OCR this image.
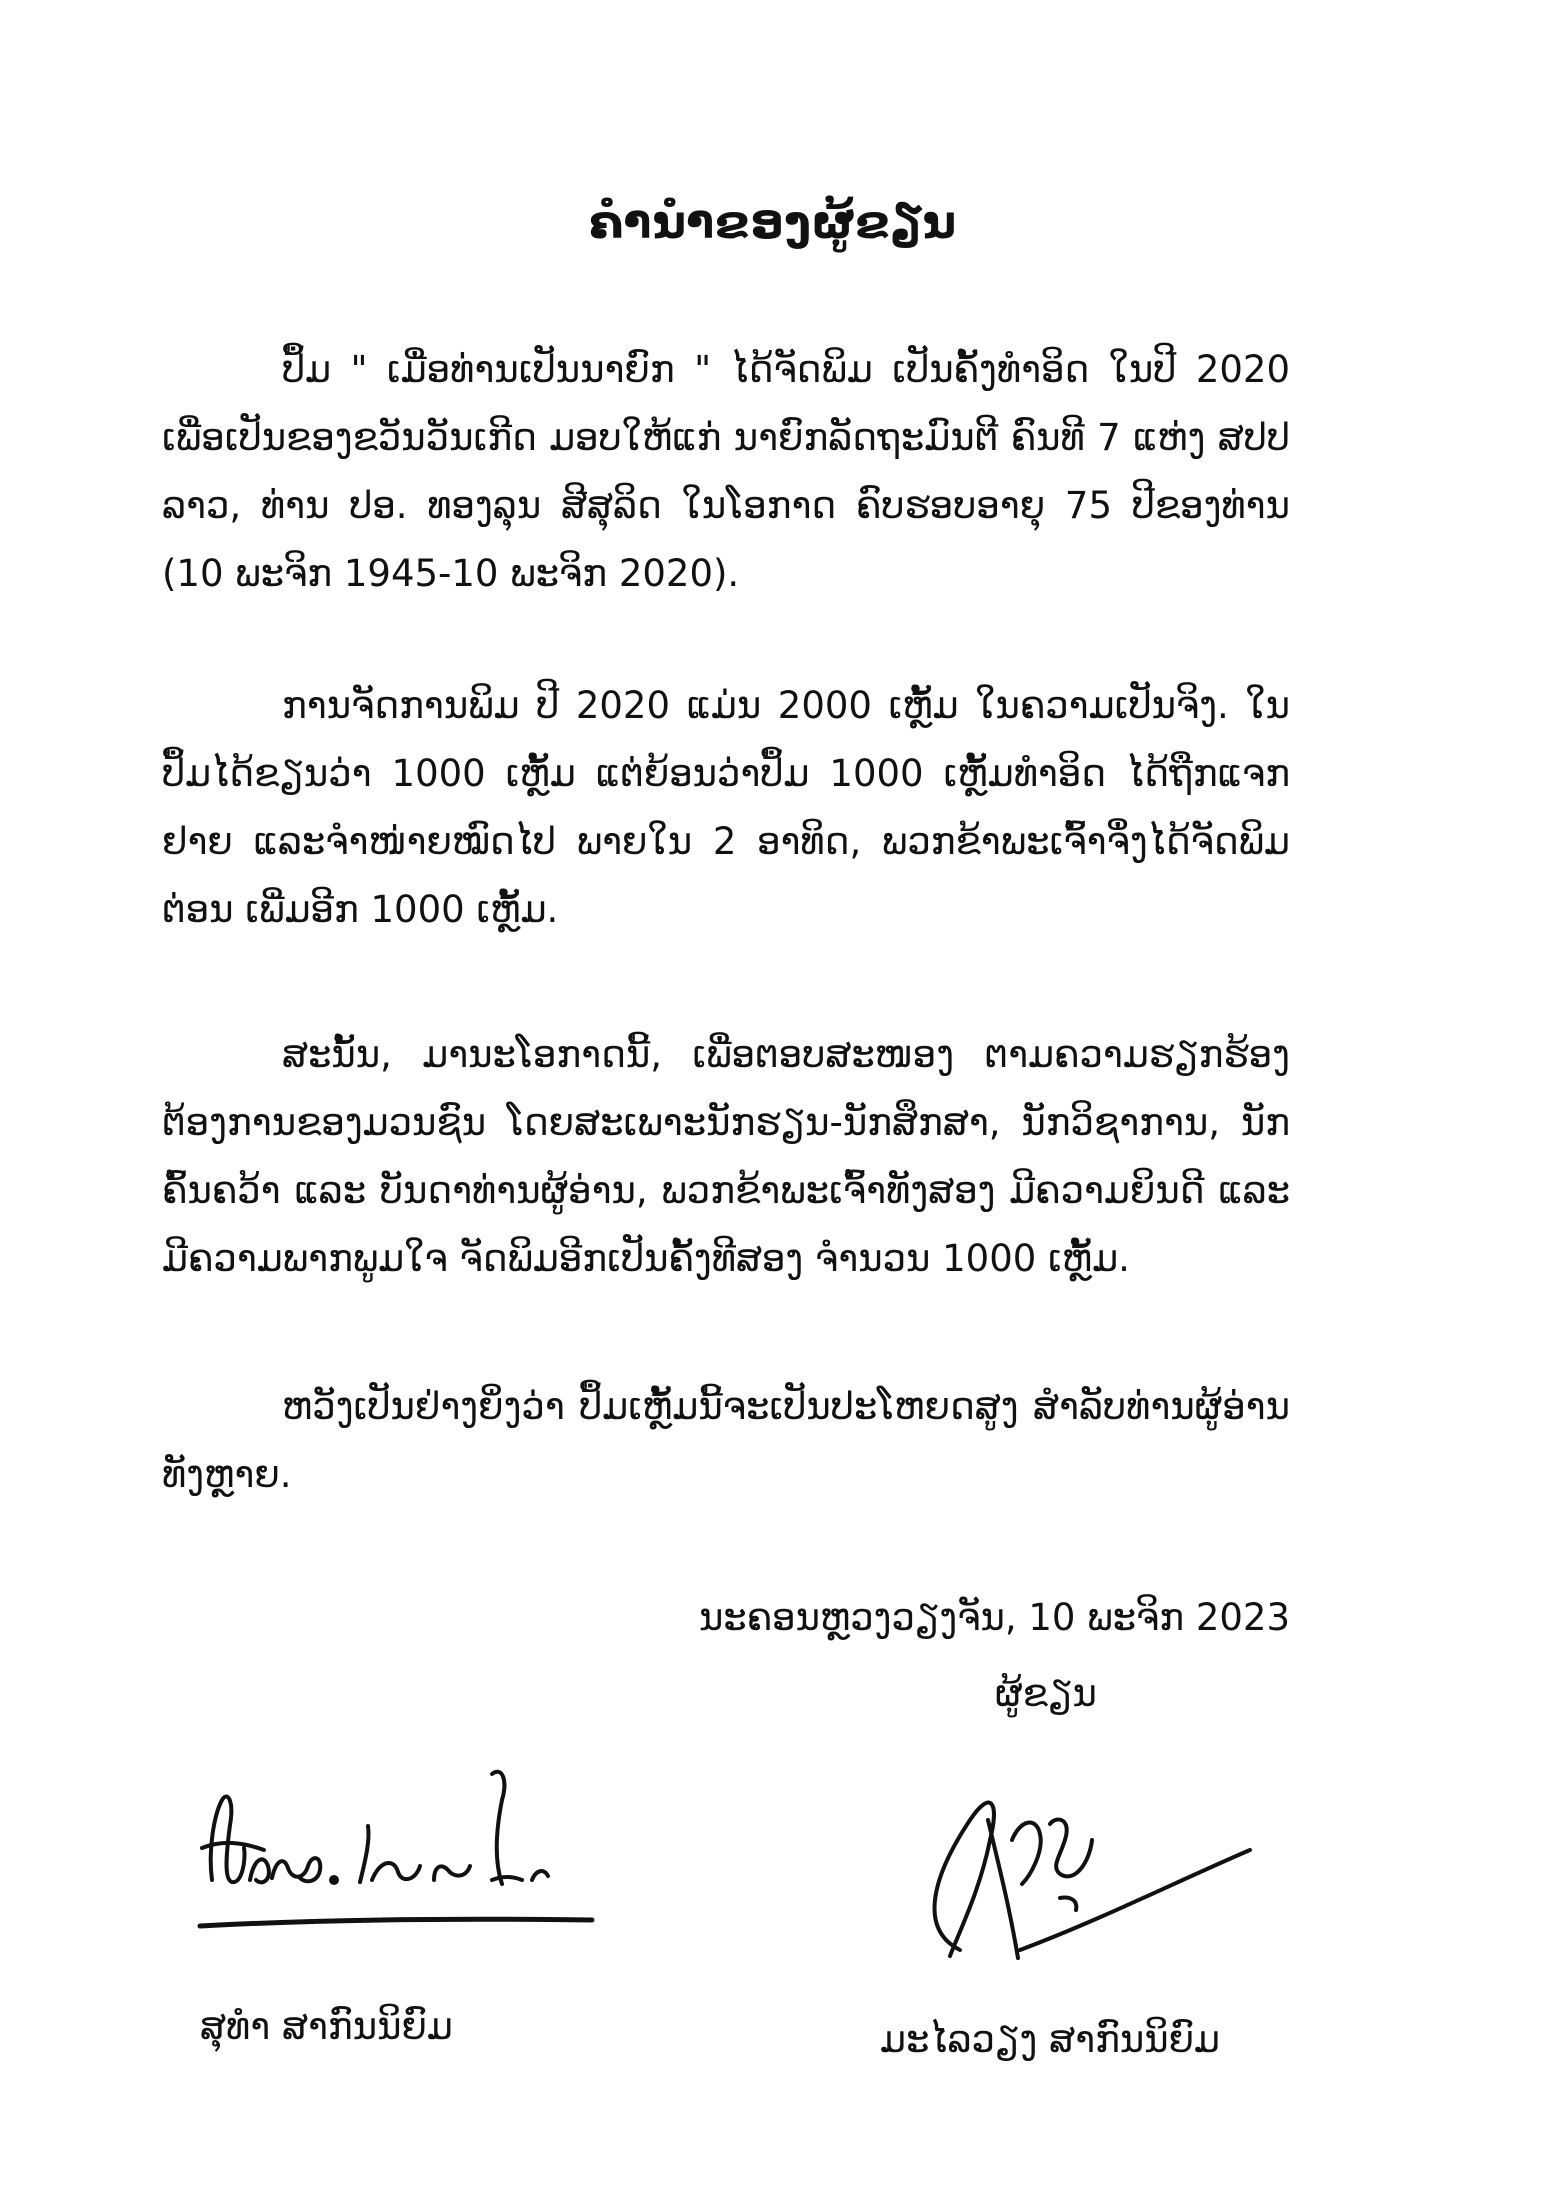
ຄຳນຳຂອງຜູ້ຂຽນ

ປຶ້ມ " ເມື່ອທ່ານເປັນນາຍົກ " ໄດ້ຈັດພິມ ເປັນຄັ້ງທຳອິດ ໃນປີ 2020 ເພື່ອເປັນຂອງຂວັນວັນເກີດ ມອບໃຫ້ແກ່ ນາຍົກລັດຖະມົນຕີ ຄົນທີ 7 ແຫ່ງ ສປປ ລາວ, ທ່ານ ປອ. ທອງລຸນ ສີສຸລິດ ໃນໂອກາດ ຄົບຮອບອາຍຸ 75 ປີຂອງທ່ານ (10 ພະຈິກ 1945-10 ພະຈິກ 2020).

ການຈັດການພິມ ປີ 2020 ແມ່ນ 2000 ເຫຼັ້ມ ໃນຄວາມເປັນຈິງ. ໃນປຶ້ມໄດ້ຂຽນວ່າ 1000 ເຫຼັ້ມ ແຕ່ຍ້ອນວ່າປຶ້ມ 1000 ເຫຼັ້ມທຳອິດ ໄດ້ຖືກແຈກຢາຍ ແລະຈຳໜ່າຍໝົດໄປ ພາຍໃນ 2 ອາທິດ, ພວກຂ້າພະເຈົ້າຈຶ່ງໄດ້ຈັດພິມຕ່ອນ ເພີ່ມອີກ 1000 ເຫຼັ້ມ.

ສະນັ້ນ, ມານະໂອກາດນີ້, ເພື່ອຕອບສະໜອງ ຕາມຄວາມຮຽກຮ້ອງຕ້ອງການຂອງມວນຊົນ ໂດຍສະເພາະນັກຮຽນ-ນັກສຶກສາ, ນັກວິຊາການ, ນັກຄົ້ນຄວ້າ ແລະ ບັນດາທ່ານຜູ້ອ່ານ, ພວກຂ້າພະເຈົ້າທັງສອງ ມີຄວາມຍິນດີ ແລະ ມີຄວາມພາກພູມໃຈ ຈັດພິມອີກເປັນຄັ້ງທີສອງ ຈຳນວນ 1000 ເຫຼັ້ມ.

ຫວັງເປັນຢ່າງຍິ່ງວ່າ ປຶ້ມເຫຼັ້ມນີ້ຈະເປັນປະໂຫຍດສູງ ສຳລັບທ່ານຜູ້ອ່ານທັງຫຼາຍ.

ນະຄອນຫຼວງວຽງຈັນ, 10 ພະຈິກ 2023
ຜູ້ຂຽນ
ສຸທຳ ສາກົນນິຍົມ	ມະໄລວຽງ ສາກົນນິຍົມ
